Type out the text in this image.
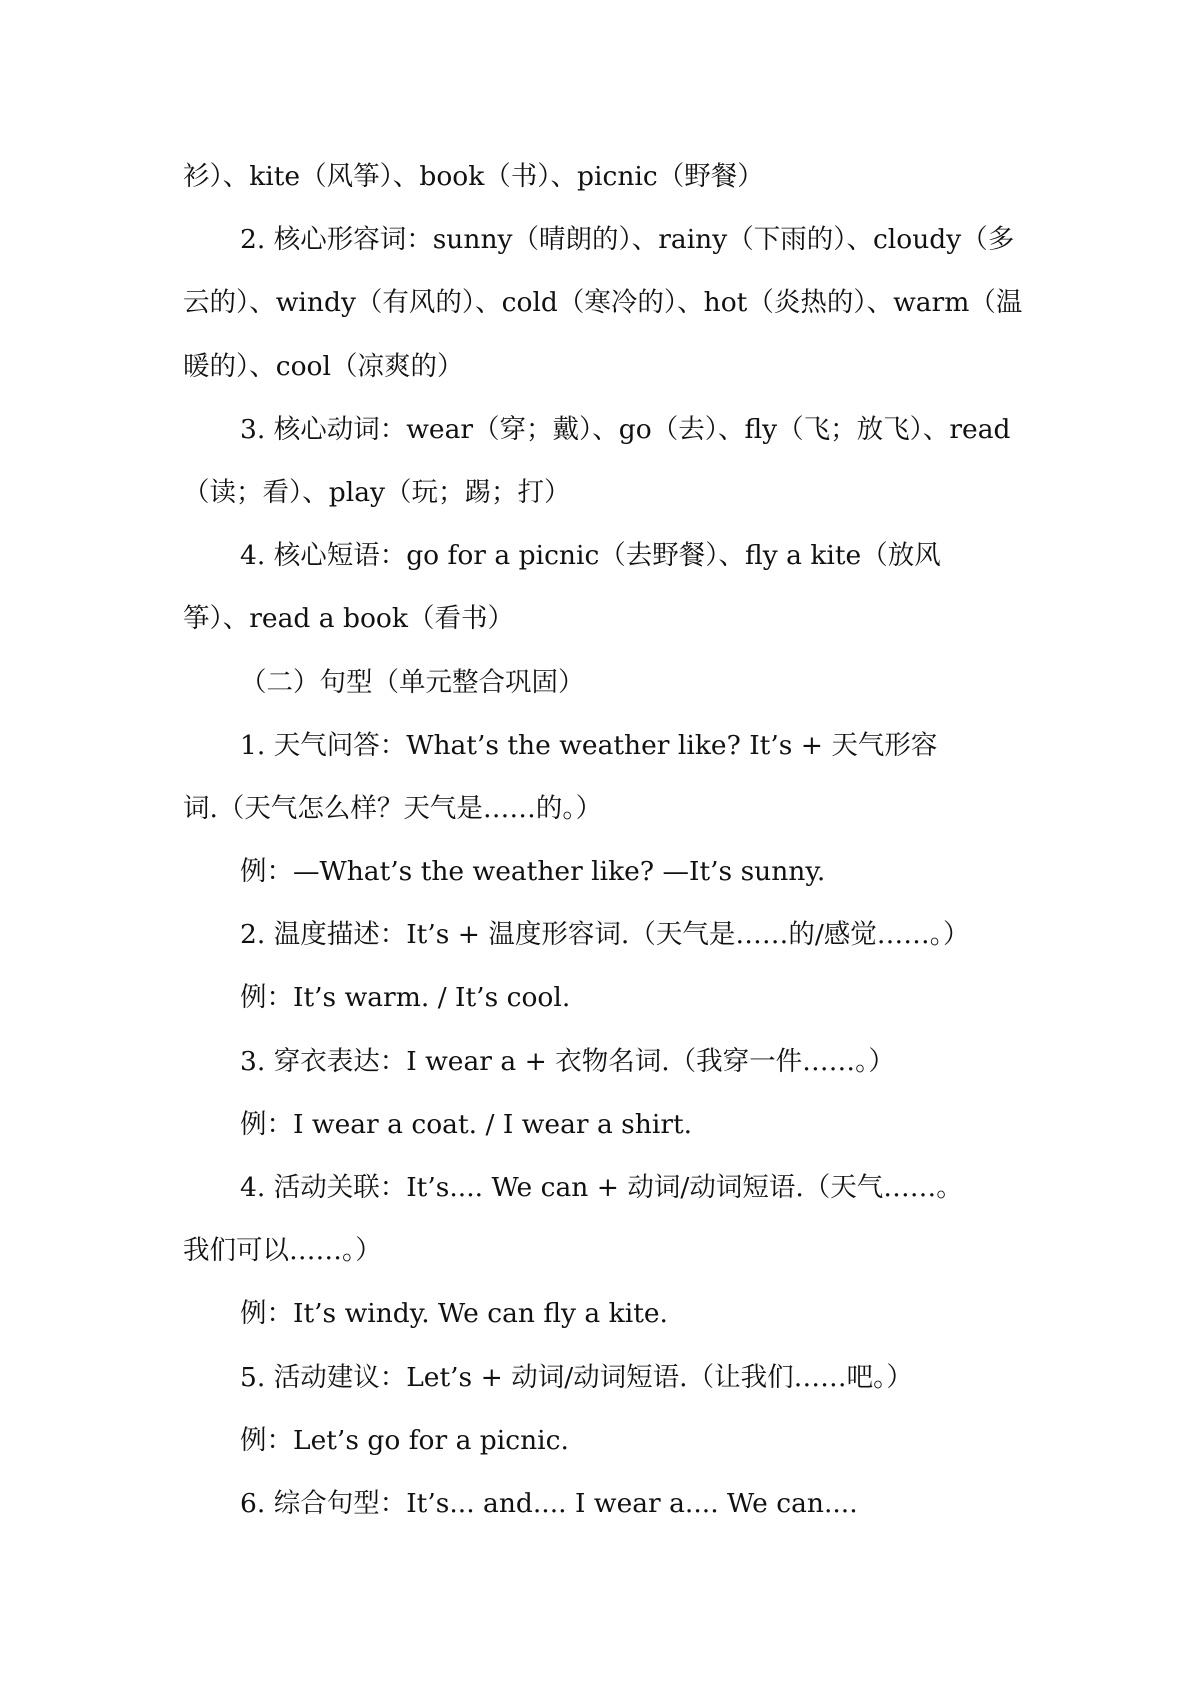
衫）、kite（风筝）、book（书）、picnic（野餐）
2. 核心形容词：sunny（晴朗的）、rainy（下雨的）、cloudy（多
云的）、windy（有风的）、cold（寒冷的）、hot（炎热的）、warm（温
暖的）、cool（凉爽的）
3. 核心动词：wear（穿；戴）、go（去）、fly（飞；放飞）、read
（读；看）、play（玩；踢；打）
4. 核心短语：go for a picnic（去野餐）、fly a kite（放风
筝）、read a book（看书）
（二）句型（单元整合巩固）
1. 天气问答：What’s the weather like? It’s + 天气形容
词.（天气怎么样？天气是……的。）
例：—What’s the weather like? —It’s sunny.
2. 温度描述：It’s + 温度形容词.（天气是……的/感觉……。）
例：It’s warm. / It’s cool.
3. 穿衣表达：I wear a + 衣物名词.（我穿一件……。）
例：I wear a coat. / I wear a shirt.
4. 活动关联：It’s.... We can + 动词/动词短语.（天气……。
我们可以……。）
例：It’s windy. We can fly a kite.
5. 活动建议：Let’s + 动词/动词短语.（让我们……吧。）
例：Let’s go for a picnic.
6. 综合句型：It’s... and.... I wear a.... We can....
